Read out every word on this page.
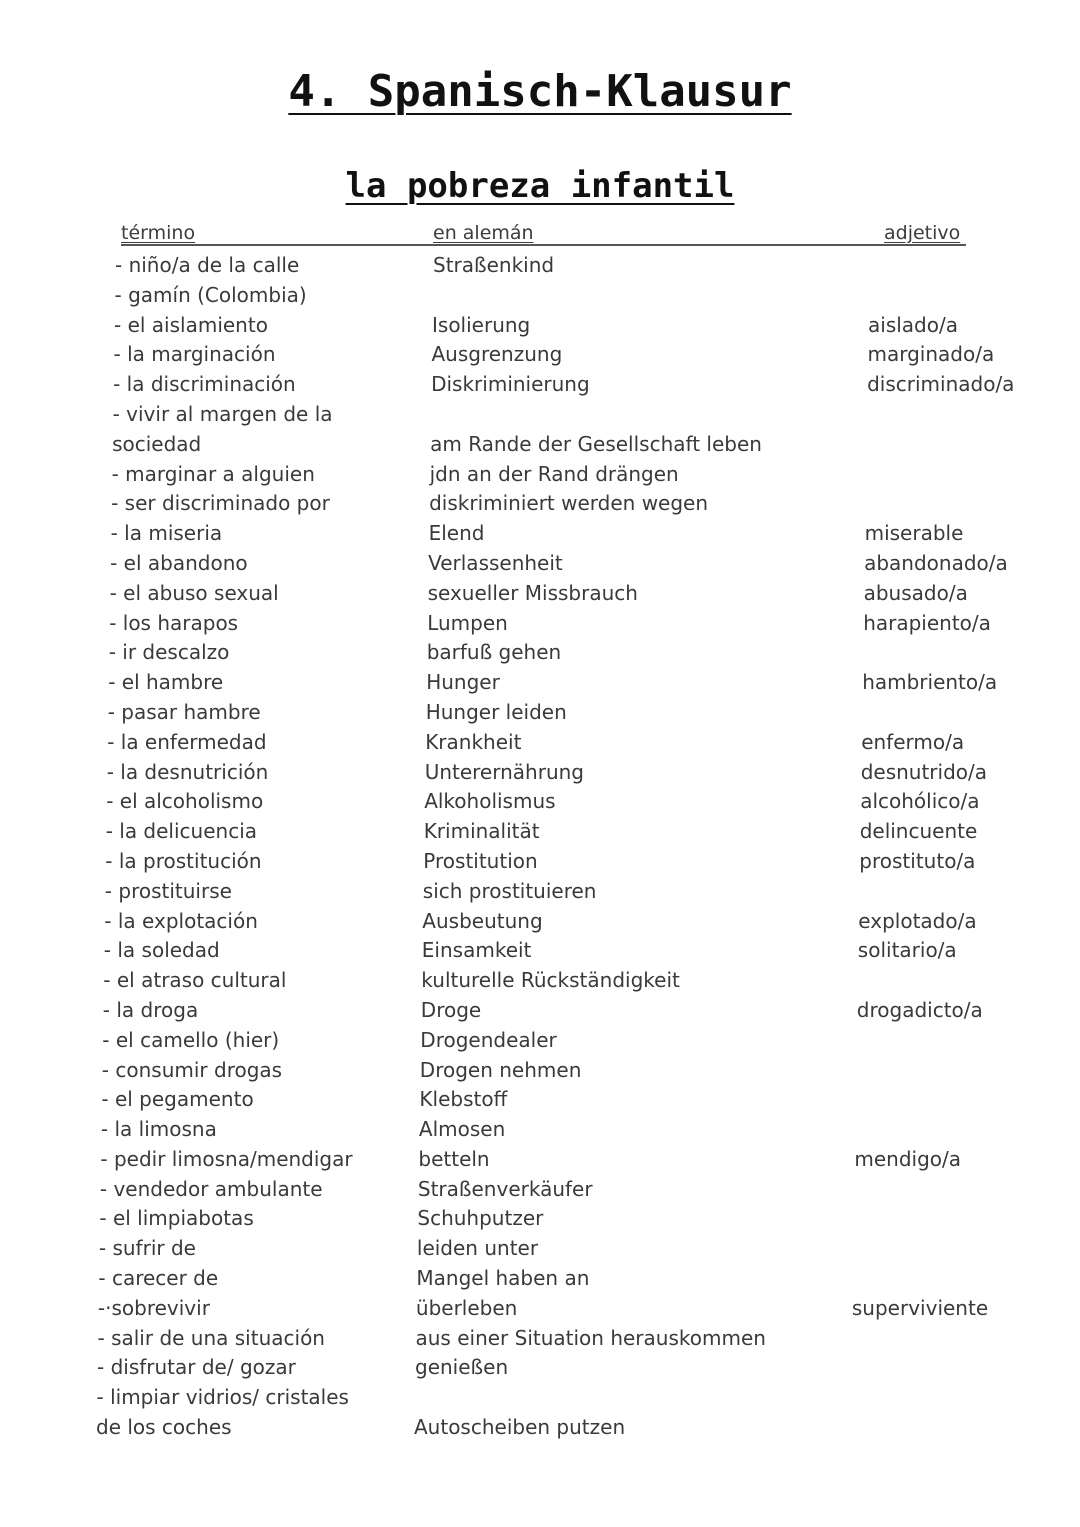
4. Spanisch-Klausur
la pobreza infantil
término	en alemán	adjetivo
- niño/a de la calle	Straßenkind
- gamín (Colombia)
- el aislamiento	Isolierung	aislado/a
- la marginación	Ausgrenzung	marginado/a
- la discriminación	Diskriminierung	discriminado/a
- vivir al margen de la
sociedad	am Rande der Gesellschaft leben
- marginar a alguien	jdn an der Rand drängen
- ser discriminado por	diskriminiert werden wegen
- la miseria	Elend	miserable
- el abandono	Verlassenheit	abandonado/a
- el abuso sexual	sexueller Missbrauch	abusado/a
- los harapos	Lumpen	harapiento/a
- ir descalzo	barfuß gehen
- el hambre	Hunger	hambriento/a
- pasar hambre	Hunger leiden
- la enfermedad	Krankheit	enfermo/a
- la desnutrición	Unterernährung	desnutrido/a
- el alcoholismo	Alkoholismus	alcohólico/a
- la delicuencia	Kriminalität	delincuente
- la prostitución	Prostitution	prostituto/a
- prostituirse	sich prostituieren
- la explotación	Ausbeutung	explotado/a
- la soledad	Einsamkeit	solitario/a
- el atraso cultural	kulturelle Rückständigkeit
- la droga	Droge	drogadicto/a
- el camello (hier)	Drogendealer
- consumir drogas	Drogen nehmen
- el pegamento	Klebstoff
- la limosna	Almosen
- pedir limosna/mendigar	betteln	mendigo/a
- vendedor ambulante	Straßenverkäufer
- el limpiabotas	Schuhputzer
- sufrir de	leiden unter
- carecer de	Mangel haben an
-·sobrevivir	überleben	superviviente
- salir de una situación	aus einer Situation herauskommen
- disfrutar de/ gozar	genießen
- limpiar vidrios/ cristales
de los coches	Autoscheiben putzen
